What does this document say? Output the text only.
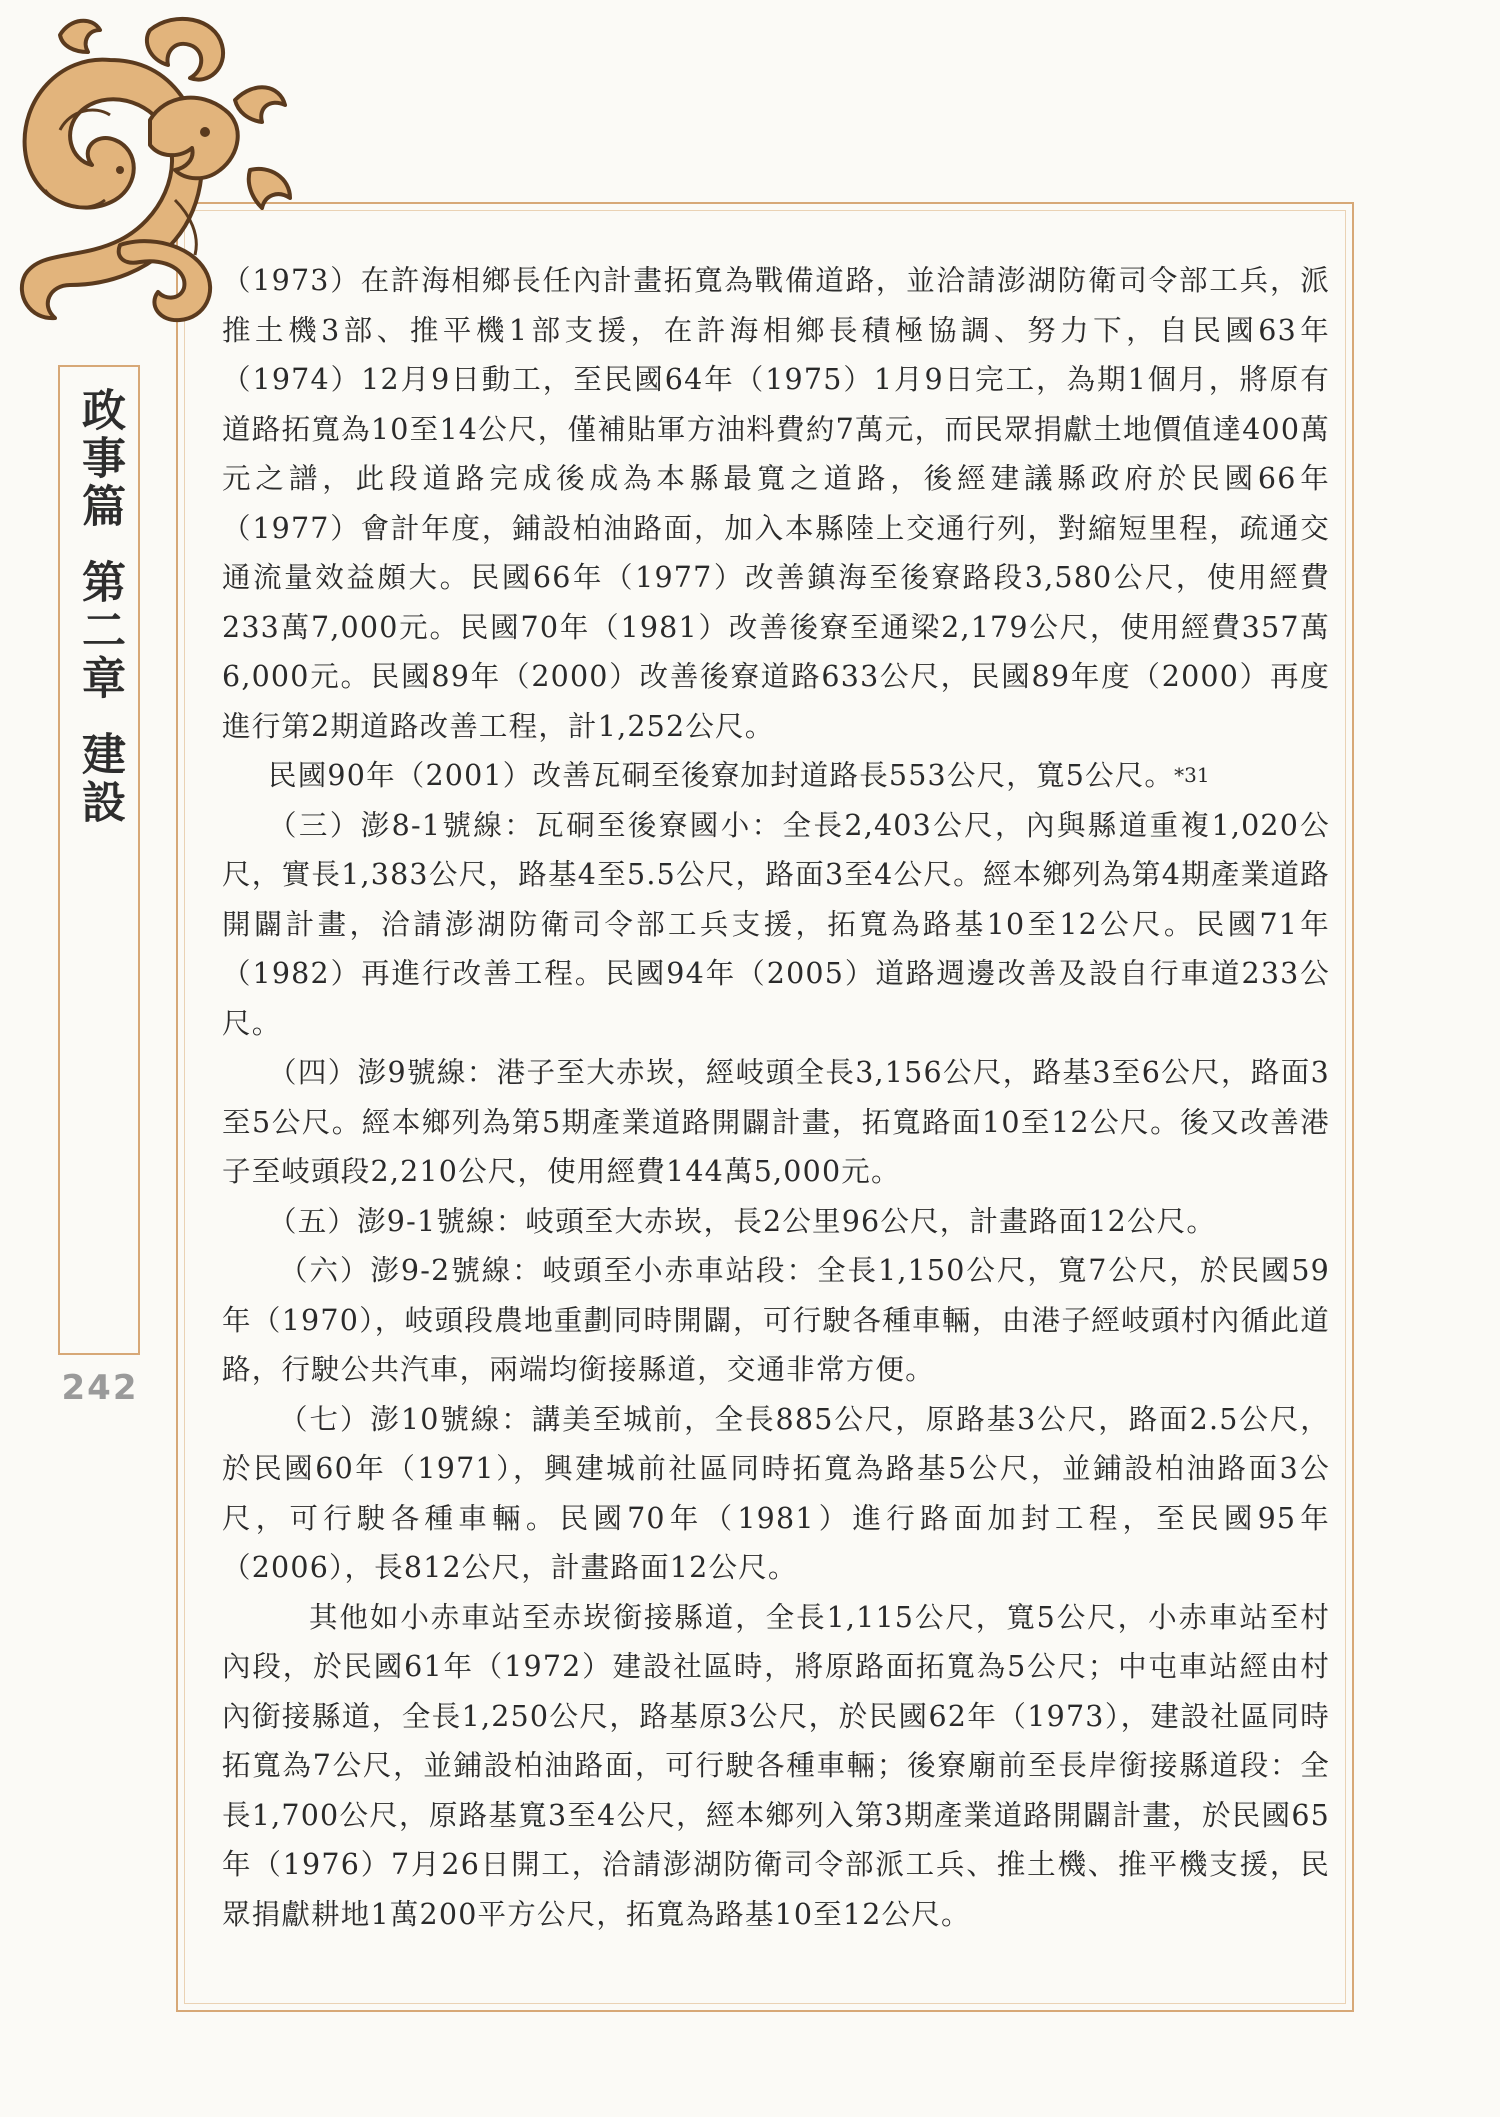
政事篇
第二章
建設
242

（1973）在許海相鄉長任內計畫拓寬為戰備道路，並洽請澎湖防衛司令部工兵，派推土機3部、推平機1部支援，在許海相鄉長積極協調、努力下，自民國63年（1974）12月9日動工，至民國64年（1975）1月9日完工，為期1個月，將原有道路拓寬為10至14公尺，僅補貼軍方油料費約7萬元，而民眾捐獻土地價值達400萬元之譜，此段道路完成後成為本縣最寬之道路，後經建議縣政府於民國66年（1977）會計年度，鋪設柏油路面，加入本縣陸上交通行列，對縮短里程，疏通交通流量效益頗大。民國66年（1977）改善鎮海至後寮路段3,580公尺，使用經費233萬7,000元。民國70年（1981）改善後寮至通梁2,179公尺，使用經費357萬6,000元。民國89年（2000）改善後寮道路633公尺，民國89年度（2000）再度進行第2期道路改善工程，計1,252公尺。

民國90年（2001）改善瓦硐至後寮加封道路長553公尺，寬5公尺。*31

（三）澎8-1號線：瓦硐至後寮國小：全長2,403公尺，內與縣道重複1,020公尺，實長1,383公尺，路基4至5.5公尺，路面3至4公尺。經本鄉列為第4期產業道路開闢計畫，洽請澎湖防衛司令部工兵支援，拓寬為路基10至12公尺。民國71年（1982）再進行改善工程。民國94年（2005）道路週邊改善及設自行車道233公尺。

（四）澎9號線：港子至大赤崁，經岐頭全長3,156公尺，路基3至6公尺，路面3至5公尺。經本鄉列為第5期產業道路開闢計畫，拓寬路面10至12公尺。後又改善港子至岐頭段2,210公尺，使用經費144萬5,000元。

（五）澎9-1號線：岐頭至大赤崁，長2公里96公尺，計畫路面12公尺。

（六）澎9-2號線：岐頭至小赤車站段：全長1,150公尺，寬7公尺，於民國59年（1970），岐頭段農地重劃同時開闢，可行駛各種車輛，由港子經岐頭村內循此道路，行駛公共汽車，兩端均銜接縣道，交通非常方便。

（七）澎10號線：講美至城前，全長885公尺，原路基3公尺，路面2.5公尺，於民國60年（1971），興建城前社區同時拓寬為路基5公尺，並鋪設柏油路面3公尺，可行駛各種車輛。民國70年（1981）進行路面加封工程，至民國95年（2006），長812公尺，計畫路面12公尺。

其他如小赤車站至赤崁銜接縣道，全長1,115公尺，寬5公尺，小赤車站至村內段，於民國61年（1972）建設社區時，將原路面拓寬為5公尺；中屯車站經由村內銜接縣道，全長1,250公尺，路基原3公尺，於民國62年（1973），建設社區同時拓寬為7公尺，並鋪設柏油路面，可行駛各種車輛；後寮廟前至長岸銜接縣道段：全長1,700公尺，原路基寬3至4公尺，經本鄉列入第3期產業道路開闢計畫，於民國65年（1976）7月26日開工，洽請澎湖防衛司令部派工兵、推土機、推平機支援，民眾捐獻耕地1萬200平方公尺，拓寬為路基10至12公尺。
